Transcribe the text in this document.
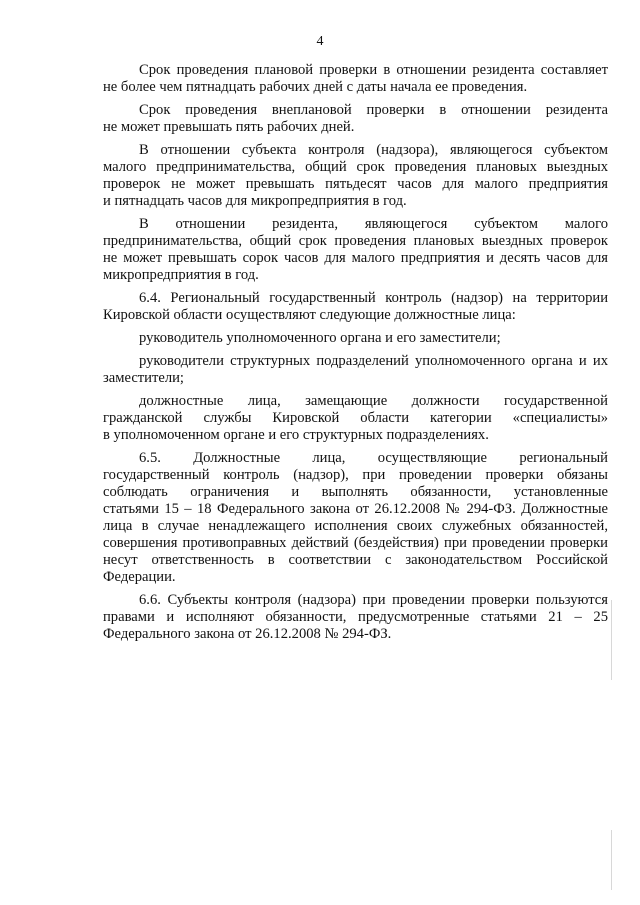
4
Срок проведения плановой проверки в отношении резидента составляет
не более чем пятнадцать рабочих дней с даты начала ее проведения.
Срок проведения внеплановой проверки в отношении резидента
не может превышать пять рабочих дней.
В отношении субъекта контроля (надзора), являющегося субъектом
малого предпринимательства, общий срок проведения плановых выездных
проверок не может превышать пятьдесят часов для малого предприятия
и пятнадцать часов для микропредприятия в год.
В отношении резидента, являющегося субъектом малого
предпринимательства, общий срок проведения плановых выездных проверок
не может превышать сорок часов для малого предприятия и десять часов для
микропредприятия в год.
6.4. Региональный государственный контроль (надзор) на территории
Кировской области осуществляют следующие должностные лица:
руководитель уполномоченного органа и его заместители;
руководители структурных подразделений уполномоченного органа и их
заместители;
должностные лица, замещающие должности государственной
гражданской службы Кировской области категории «специалисты»
в уполномоченном органе и его структурных подразделениях.
6.5. Должностные лица, осуществляющие региональный
государственный контроль (надзор), при проведении проверки обязаны
соблюдать ограничения и выполнять обязанности, установленные
статьями 15 – 18 Федерального закона от 26.12.2008 № 294-ФЗ. Должностные
лица в случае ненадлежащего исполнения своих служебных обязанностей,
совершения противоправных действий (бездействия) при проведении проверки
несут ответственность в соответствии с законодательством Российской
Федерации.
6.6. Субъекты контроля (надзора) при проведении проверки пользуются
правами и исполняют обязанности, предусмотренные статьями 21 – 25
Федерального закона от 26.12.2008 № 294-ФЗ.
